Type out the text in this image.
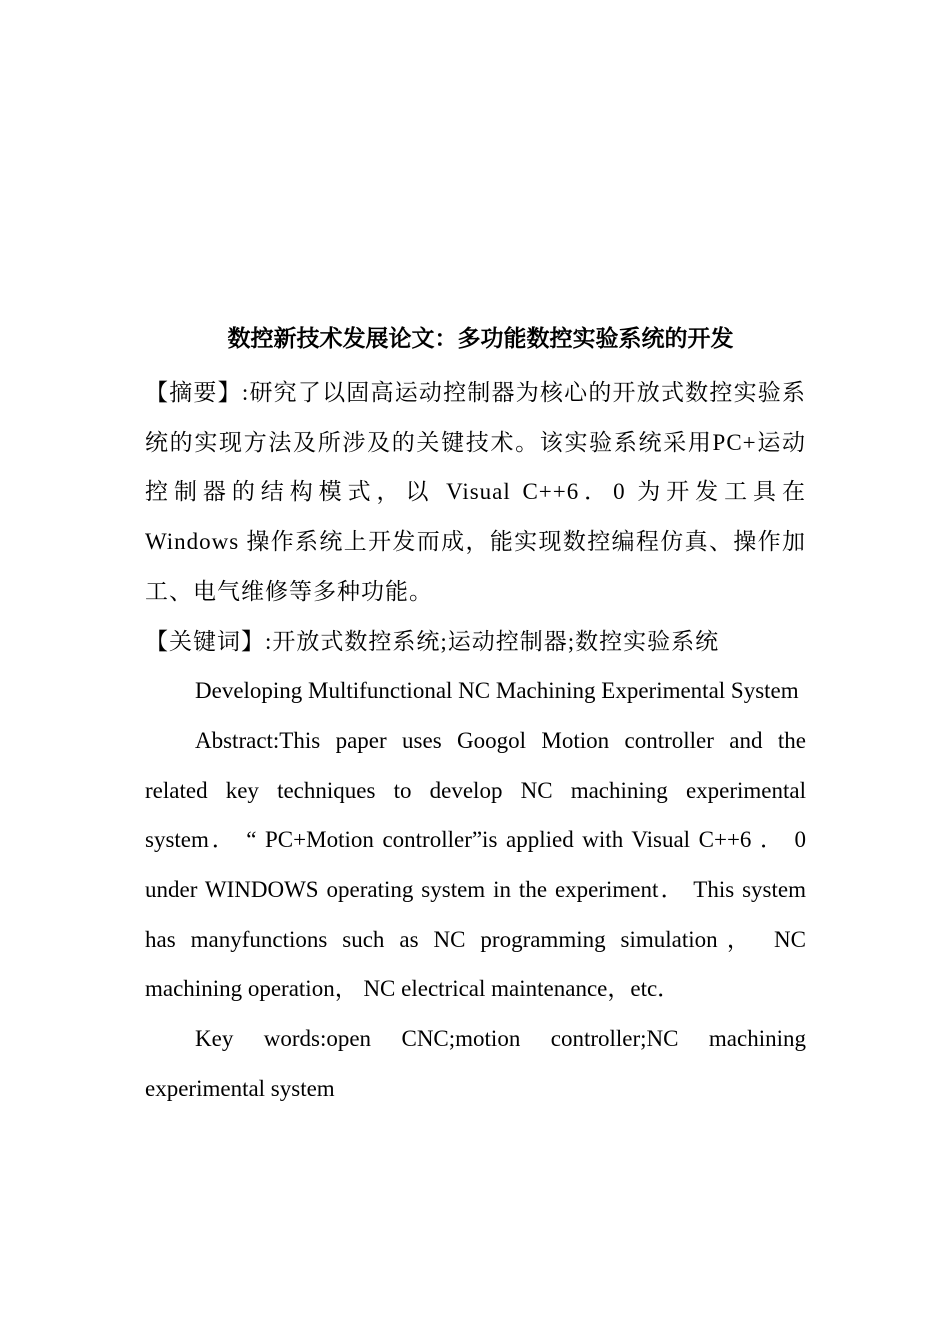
数控新技术发展论文：多功能数控实验系统的开发

【摘要】:研究了以固高运动控制器为核心的开放式数控实验系统的实现方法及所涉及的关键技术。该实验系统采用PC+运动控制器的结构模式，以 Visual C++6．0 为开发工具在 Windows 操作系统上开发而成，能实现数控编程仿真、操作加工、电气维修等多种功能。

【关键词】:开放式数控系统;运动控制器;数控实验系统

Developing Multifunctional NC Machining Experimental System

Abstract:This paper uses Googol Motion controller and the related key techniques to develop NC machining experimental system． “ PC+Motion controller”is applied with Visual C++6 ． 0 under WINDOWS operating system in the experiment． This system has manyfunctions such as NC programming simulation， NC machining operation， NC electrical maintenance，etc．

Key words:open CNC;motion controller;NC machining experimental system
